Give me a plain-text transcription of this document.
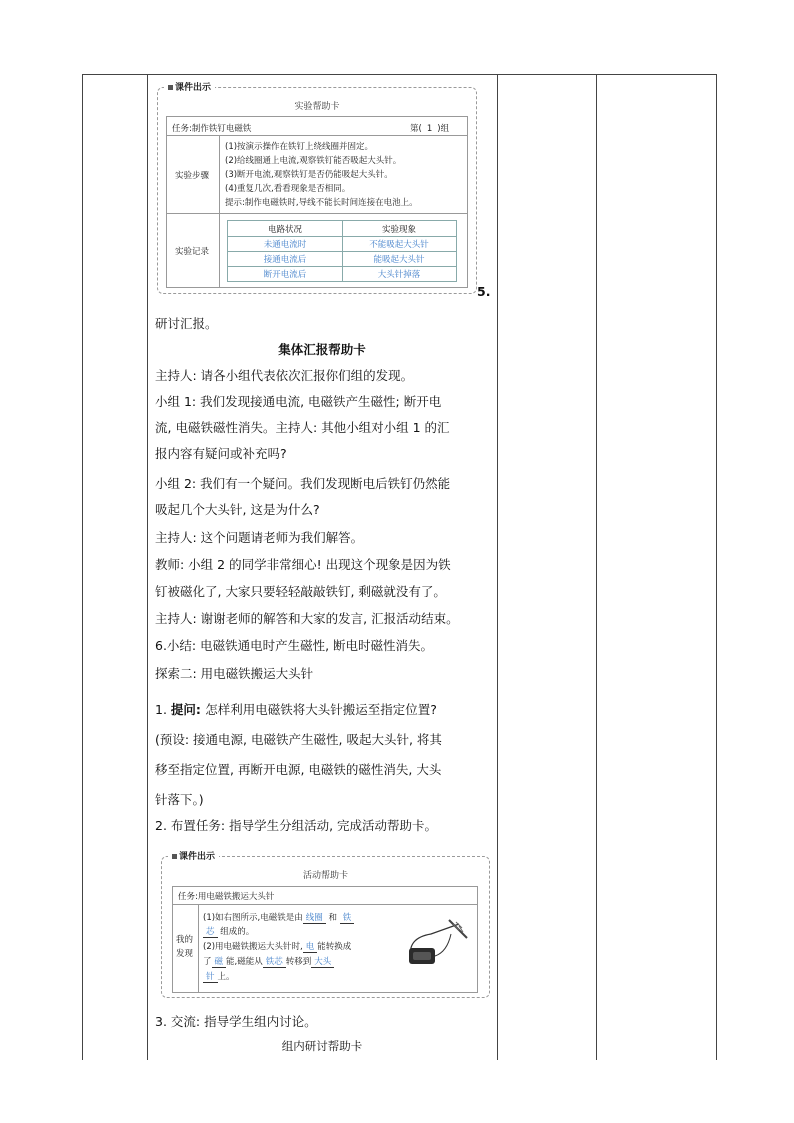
课件出示
实验帮助卡
任务:制作铁钉电磁铁	第( 1 )组
实验步骤
(1)按演示操作在铁钉上绕线圈并固定。
(2)给线圈通上电流,观察铁钉能否吸起大头针。
(3)断开电流,观察铁钉是否仍能吸起大头针。
(4)重复几次,看看现象是否相同。
提示:制作电磁铁时,导线不能长时间连接在电池上。
实验记录
电路状况	实验现象
未通电流时	不能吸起大头针
接通电流后	能吸起大头针
断开电流后	大头针掉落
5.
研讨汇报。
集体汇报帮助卡
主持人: 请各小组代表依次汇报你们组的发现。
小组 1: 我们发现接通电流, 电磁铁产生磁性; 断开电
流, 电磁铁磁性消失。主持人: 其他小组对小组 1 的汇
报内容有疑问或补充吗?
小组 2: 我们有一个疑问。我们发现断电后铁钉仍然能
吸起几个大头针, 这是为什么?
主持人: 这个问题请老师为我们解答。
教师: 小组 2 的同学非常细心! 出现这个现象是因为铁
钉被磁化了, 大家只要轻轻敲敲铁钉, 剩磁就没有了。
主持人: 谢谢老师的解答和大家的发言, 汇报活动结束。
6.小结: 电磁铁通电时产生磁性, 断电时磁性消失。
探索二: 用电磁铁搬运大头针
1. 提问: 怎样利用电磁铁将大头针搬运至指定位置?
(预设: 接通电源, 电磁铁产生磁性, 吸起大头针, 将其
移至指定位置, 再断开电源, 电磁铁的磁性消失, 大头
针落下。)
2. 布置任务: 指导学生分组活动, 完成活动帮助卡。
课件出示
活动帮助卡
任务:用电磁铁搬运大头针
我的
发现
(1)如右图所示,电磁铁是由 线圈 和 铁
芯 组成的。
(2)用电磁铁搬运大头针时, 电 能转换成
了 磁 能,磁能从 铁芯 转移到 大头
针 上。
3. 交流: 指导学生组内讨论。
组内研讨帮助卡
